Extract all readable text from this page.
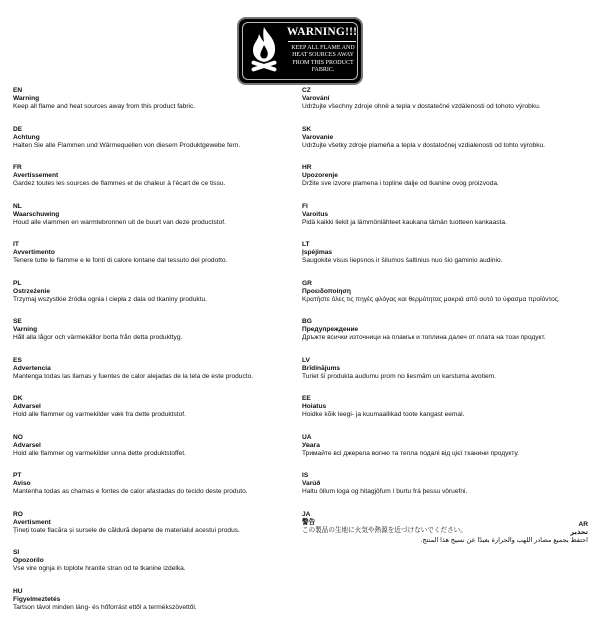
WARNING!!!
KEEP ALL FLAME AND
HEAT SOURCES AWAY
FROM THIS PRODUCT
FABRIC.
EN
Warning
Keep all flame and heat sources away from this product fabric.
DE
Achtung
Halten Sie alle Flammen und Wärmequellen von diesem Produktgewebe fern.
FR
Avertissement
Gardez toutes les sources de flammes et de chaleur à l'écart de ce tissu.
NL
Waarschuwing
Houd alle vlammen en warmtebronnen uit de buurt van deze productstof.
IT
Avvertimento
Tenere tutte le fiamme e le fonti di calore lontane dal tessuto del prodotto.
PL
Ostrzeżenie
Trzymaj wszystkie źródła ognia i ciepła z dala od tkaniny produktu.
SE
Varning
Håll alla lågor och värmekällor borta från detta produkttyg.
ES
Advertencia
Mantenga todas las llamas y fuentes de calor alejadas de la tela de este producto.
DK
Advarsel
Hold alle flammer og varmekilder væk fra dette produktstof.
NO
Advarsel
Hold alle flammer og varmekilder unna dette produktstoffet.
PT
Aviso
Mantenha todas as chamas e fontes de calor afastadas do tecido deste produto.
RO
Avertisment
Țineți toate flacăra și sursele de căldură departe de materialul acestui produs.
SI
Opozorilo
Vse vire ognja in toplote hranite stran od te tkanine izdelka.
HU
Figyelmeztetés
Tartson távol minden láng- és hőforrást ettől a termékszövettől.
CZ
Varování
Udržujte všechny zdroje ohně a tepla v dostatečné vzdálenosti od tohoto výrobku.
SK
Varovanie
Udržujte všetky zdroje plameňa a tepla v dostatočnej vzdialenosti od tohto výrobku.
HR
Upozorenje
Držite sve izvore plamena i topline dalje od tkanine ovog proizvoda.
FI
Varoitus
Pidä kaikki liekit ja lämmönlähteet kaukana tämän tuotteen kankaasta.
LT
Įspėjimas
Saugokite visus liepsnos ir šilumos šaltinius nuo šio gaminio audinio.
GR
Προειδοποίηση
Κρατήστε όλες τις πηγές φλόγας και θερμότητας μακριά από αυτό το ύφασμα προϊόντος.
BG
Предупреждение
Дръжте всички източници на пламък и топлина далеч от плата на този продукт.
LV
Brīdinājums
Turiet šī produkta audumu prom no liesmām un karstuma avotiem.
EE
Hoiatus
Hoidke kõik leegi- ja kuumaallikad toote kangast eemal.
UA
Увага
Тримайте всі джерела вогню та тепла подалі від цієї тканини продукту.
IS
Varúð
Haltu öllum loga og hitagjöfum í burtu frá þessu vöruefni.
JA
警告
この製品の生地に火気や熱源を近づけないでください。
AR
تحذير
احتفظ بجميع مصادر اللهب والحرارة بعيدًا عن نسيج هذا المنتج.
